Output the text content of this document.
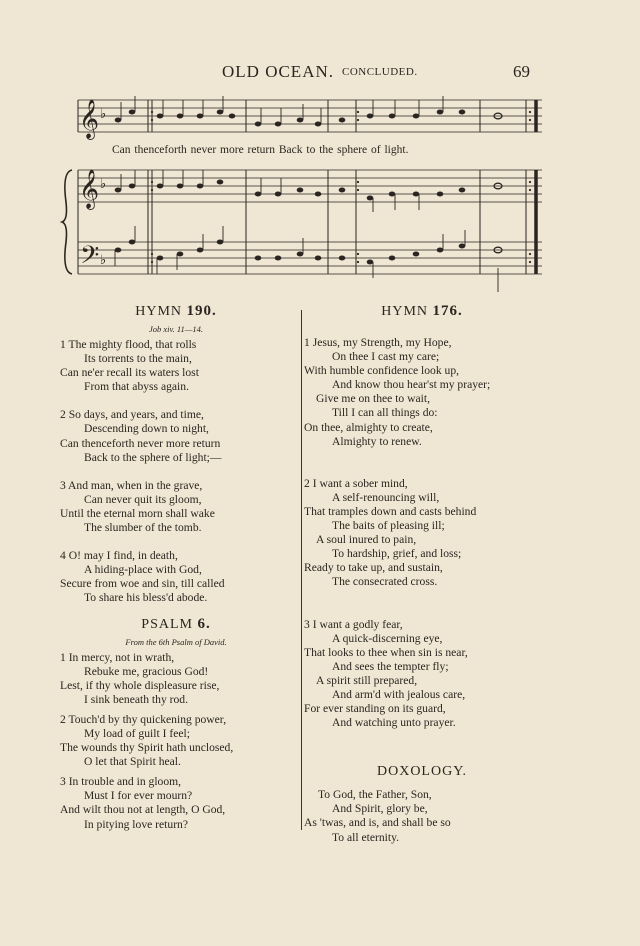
OLD OCEAN. CONCLUDED.	69
𝄞
𝄞
𝄢
♭
♭
♭
Can thenceforth never more return Back to the sphere of light.
HYMN 190.
Job xiv. 11—14.
1 The mighty flood, that rolls
Its torrents to the main,
Can ne'er recall its waters lost
From that abyss again.
2 So days, and years, and time,
Descending down to night,
Can thenceforth never more return
Back to the sphere of light;—
3 And man, when in the grave,
Can never quit its gloom,
Until the eternal morn shall wake
The slumber of the tomb.
4 O! may I find, in death,
A hiding-place with God,
Secure from woe and sin, till called
To share his bless'd abode.
PSALM 6.
From the 6th Psalm of David.
1 In mercy, not in wrath,
Rebuke me, gracious God!
Lest, if thy whole displeasure rise,
I sink beneath thy rod.
2 Touch'd by thy quickening power,
My load of guilt I feel;
The wounds thy Spirit hath unclosed,
O let that Spirit heal.
3 In trouble and in gloom,
Must I for ever mourn?
And wilt thou not at length, O God,
In pitying love return?
HYMN 176.
1 Jesus, my Strength, my Hope,
On thee I cast my care;
With humble confidence look up,
And know thou hear'st my prayer;
Give me on thee to wait,
Till I can all things do:
On thee, almighty to create,
Almighty to renew.
2 I want a sober mind,
A self-renouncing will,
That tramples down and casts behind
The baits of pleasing ill;
A soul inured to pain,
To hardship, grief, and loss;
Ready to take up, and sustain,
The consecrated cross.
3 I want a godly fear,
A quick-discerning eye,
That looks to thee when sin is near,
And sees the tempter fly;
A spirit still prepared,
And arm'd with jealous care,
For ever standing on its guard,
And watching unto prayer.
DOXOLOGY.
To God, the Father, Son,
And Spirit, glory be,
As 'twas, and is, and shall be so
To all eternity.
